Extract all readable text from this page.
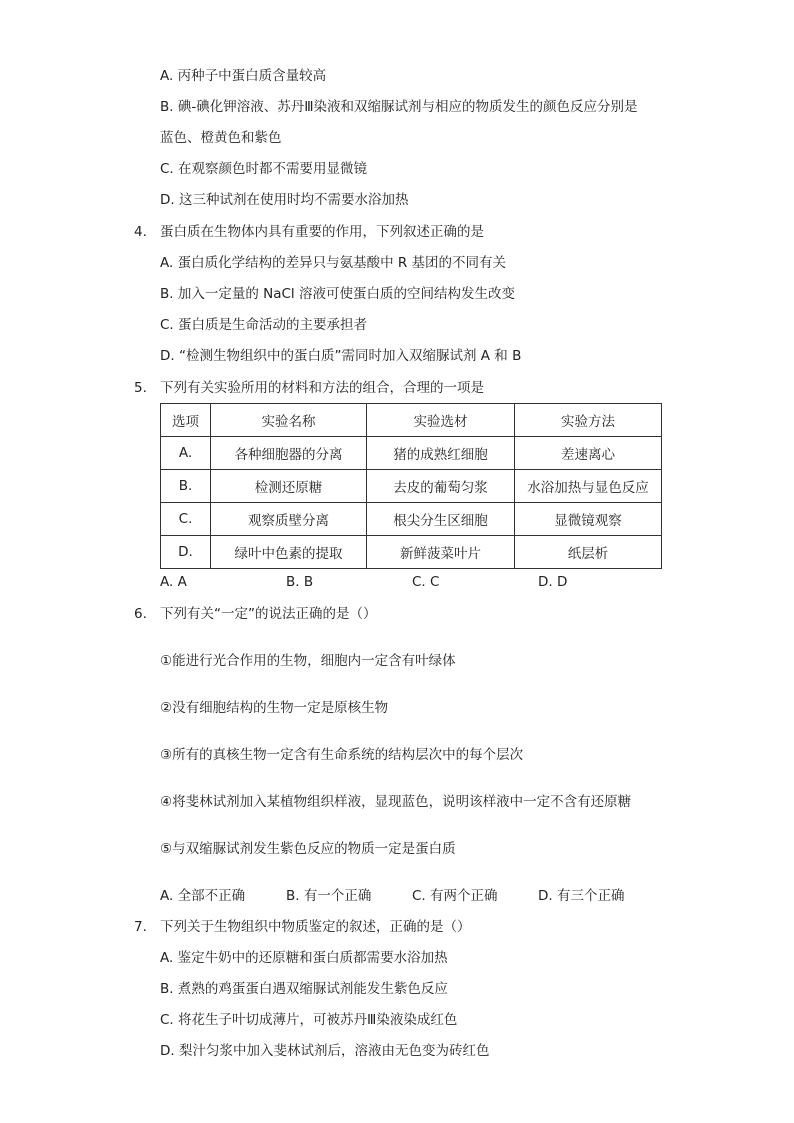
A. 丙种子中蛋白质含量较高
B. 碘-碘化钾溶液、苏丹Ⅲ染液和双缩脲试剂与相应的物质发生的颜色反应分别是
蓝色、橙黄色和紫色
C. 在观察颜色时都不需要用显微镜
D. 这三种试剂在使用时均不需要水浴加热
4. 蛋白质在生物体内具有重要的作用，下列叙述正确的是
A. 蛋白质化学结构的差异只与氨基酸中 R 基团的不同有关
B. 加入一定量的 NaCl 溶液可使蛋白质的空间结构发生改变
C. 蛋白质是生命活动的主要承担者
D. “检测生物组织中的蛋白质”需同时加入双缩脲试剂 A 和 B
5. 下列有关实验所用的材料和方法的组合，合理的一项是
选项	实验名称	实验选材	实验方法
A.	各种细胞器的分离	猪的成熟红细胞	差速离心
B.	检测还原糖	去皮的葡萄匀浆	水浴加热与显色反应
C.	观察质壁分离	根尖分生区细胞	显微镜观察
D.	绿叶中色素的提取	新鲜菠菜叶片	纸层析
A. A	B. B	C. C	D. D
6. 下列有关“一定”的说法正确的是（）
①能进行光合作用的生物，细胞内一定含有叶绿体
②没有细胞结构的生物一定是原核生物
③所有的真核生物一定含有生命系统的结构层次中的每个层次
④将斐林试剂加入某植物组织样液，显现蓝色，说明该样液中一定不含有还原糖
⑤与双缩脲试剂发生紫色反应的物质一定是蛋白质
A. 全部不正确	B. 有一个正确	C. 有两个正确	D. 有三个正确
7. 下列关于生物组织中物质鉴定的叙述，正确的是（）
A. 鉴定牛奶中的还原糖和蛋白质都需要水浴加热
B. 煮熟的鸡蛋蛋白遇双缩脲试剂能发生紫色反应
C. 将花生子叶切成薄片，可被苏丹Ⅲ染液染成红色
D. 梨汁匀浆中加入斐林试剂后，溶液由无色变为砖红色
